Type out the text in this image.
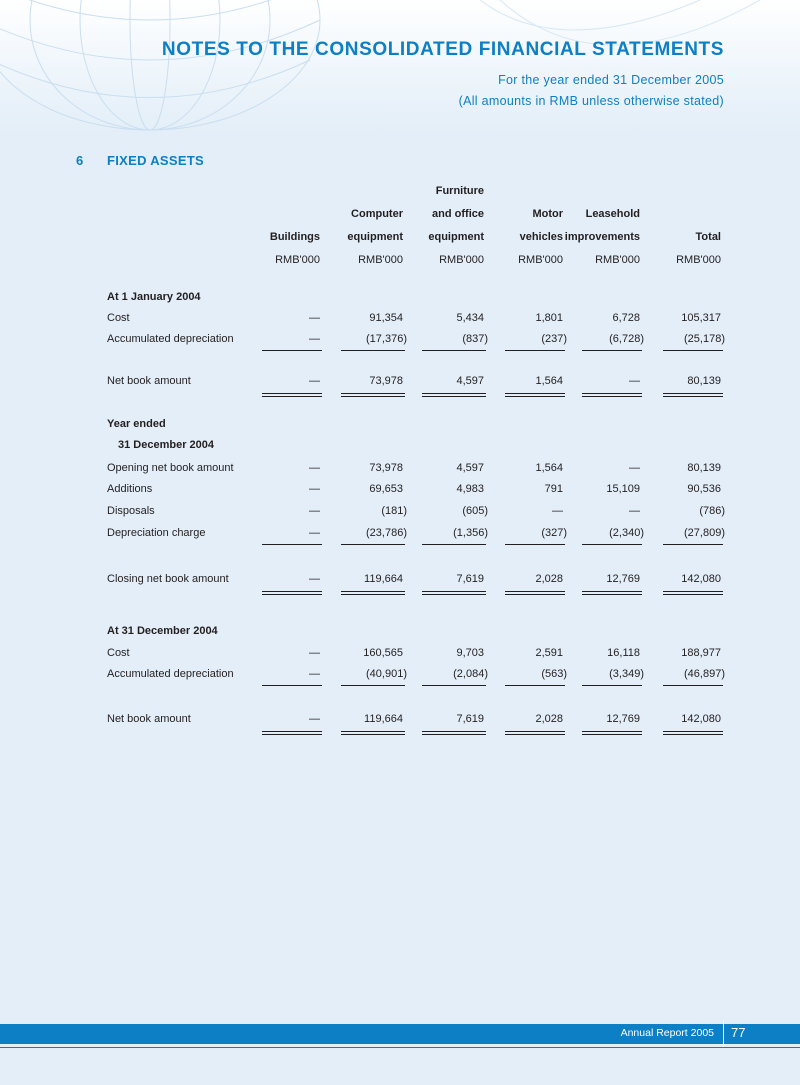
NOTES TO THE CONSOLIDATED FINANCIAL STATEMENTS
For the year ended 31 December 2005
(All amounts in RMB unless otherwise stated)
6 FIXED ASSETS
Buildings
RMB'000
Computer
equipment
RMB'000
Furniture
and office
equipment
RMB'000
Motor
vehicles
RMB'000
Leasehold
improvements
RMB'000
Total
RMB'000
At 1 January 2004
Cost	—	91,354	5,434	1,801	6,728	105,317
Accumulated depreciation	—	(17,376)	(837)	(237)	(6,728)	(25,178)
Net book amount	—	73,978	4,597	1,564	—	80,139
Year ended
31 December 2004
Opening net book amount	—	73,978	4,597	1,564	—	80,139
Additions	—	69,653	4,983	791	15,109	90,536
Disposals	—	(181)	(605)	—	—	(786)
Depreciation charge	—	(23,786)	(1,356)	(327)	(2,340)	(27,809)
Closing net book amount	—	119,664	7,619	2,028	12,769	142,080
At 31 December 2004
Cost	—	160,565	9,703	2,591	16,118	188,977
Accumulated depreciation	—	(40,901)	(2,084)	(563)	(3,349)	(46,897)
Net book amount	—	119,664	7,619	2,028	12,769	142,080
Annual Report 2005 77
